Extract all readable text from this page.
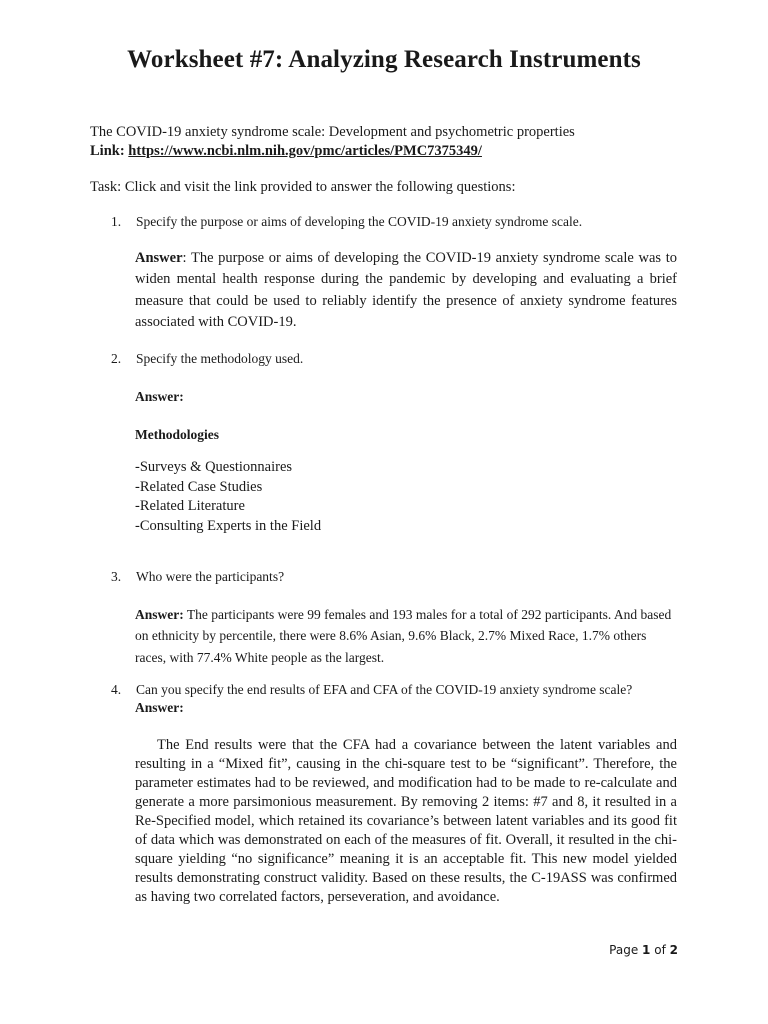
Worksheet #7: Analyzing Research Instruments
The COVID-19 anxiety syndrome scale: Development and psychometric properties
Link: https://www.ncbi.nlm.nih.gov/pmc/articles/PMC7375349/
Task: Click and visit the link provided to answer the following questions:
1. Specify the purpose or aims of developing the COVID-19 anxiety syndrome scale.
Answer: The purpose or aims of developing the COVID-19 anxiety syndrome scale was to widen mental health response during the pandemic by developing and evaluating a brief measure that could be used to reliably identify the presence of anxiety syndrome features associated with COVID-19.
2. Specify the methodology used.
Answer:
Methodologies
-Surveys & Questionnaires
-Related Case Studies
-Related Literature
-Consulting Experts in the Field
3. Who were the participants?
Answer: The participants were 99 females and 193 males for a total of 292 participants. And based on ethnicity by percentile, there were 8.6% Asian, 9.6% Black, 2.7% Mixed Race, 1.7% others races, with 77.4% White people as the largest.
4. Can you specify the end results of EFA and CFA of the COVID-19 anxiety syndrome scale?
Answer:
The End results were that the CFA had a covariance between the latent variables and resulting in a “Mixed fit”, causing in the chi-square test to be “significant”. Therefore, the parameter estimates had to be reviewed, and modification had to be made to re-calculate and generate a more parsimonious measurement. By removing 2 items: #7 and 8, it resulted in a Re-Specified model, which retained its covariance’s between latent variables and its good fit of data which was demonstrated on each of the measures of fit. Overall, it resulted in the chi-square yielding “no significance” meaning it is an acceptable fit. This new model yielded results demonstrating construct validity. Based on these results, the C-19ASS was confirmed as having two correlated factors, perseveration, and avoidance.
Page 1 of 2
